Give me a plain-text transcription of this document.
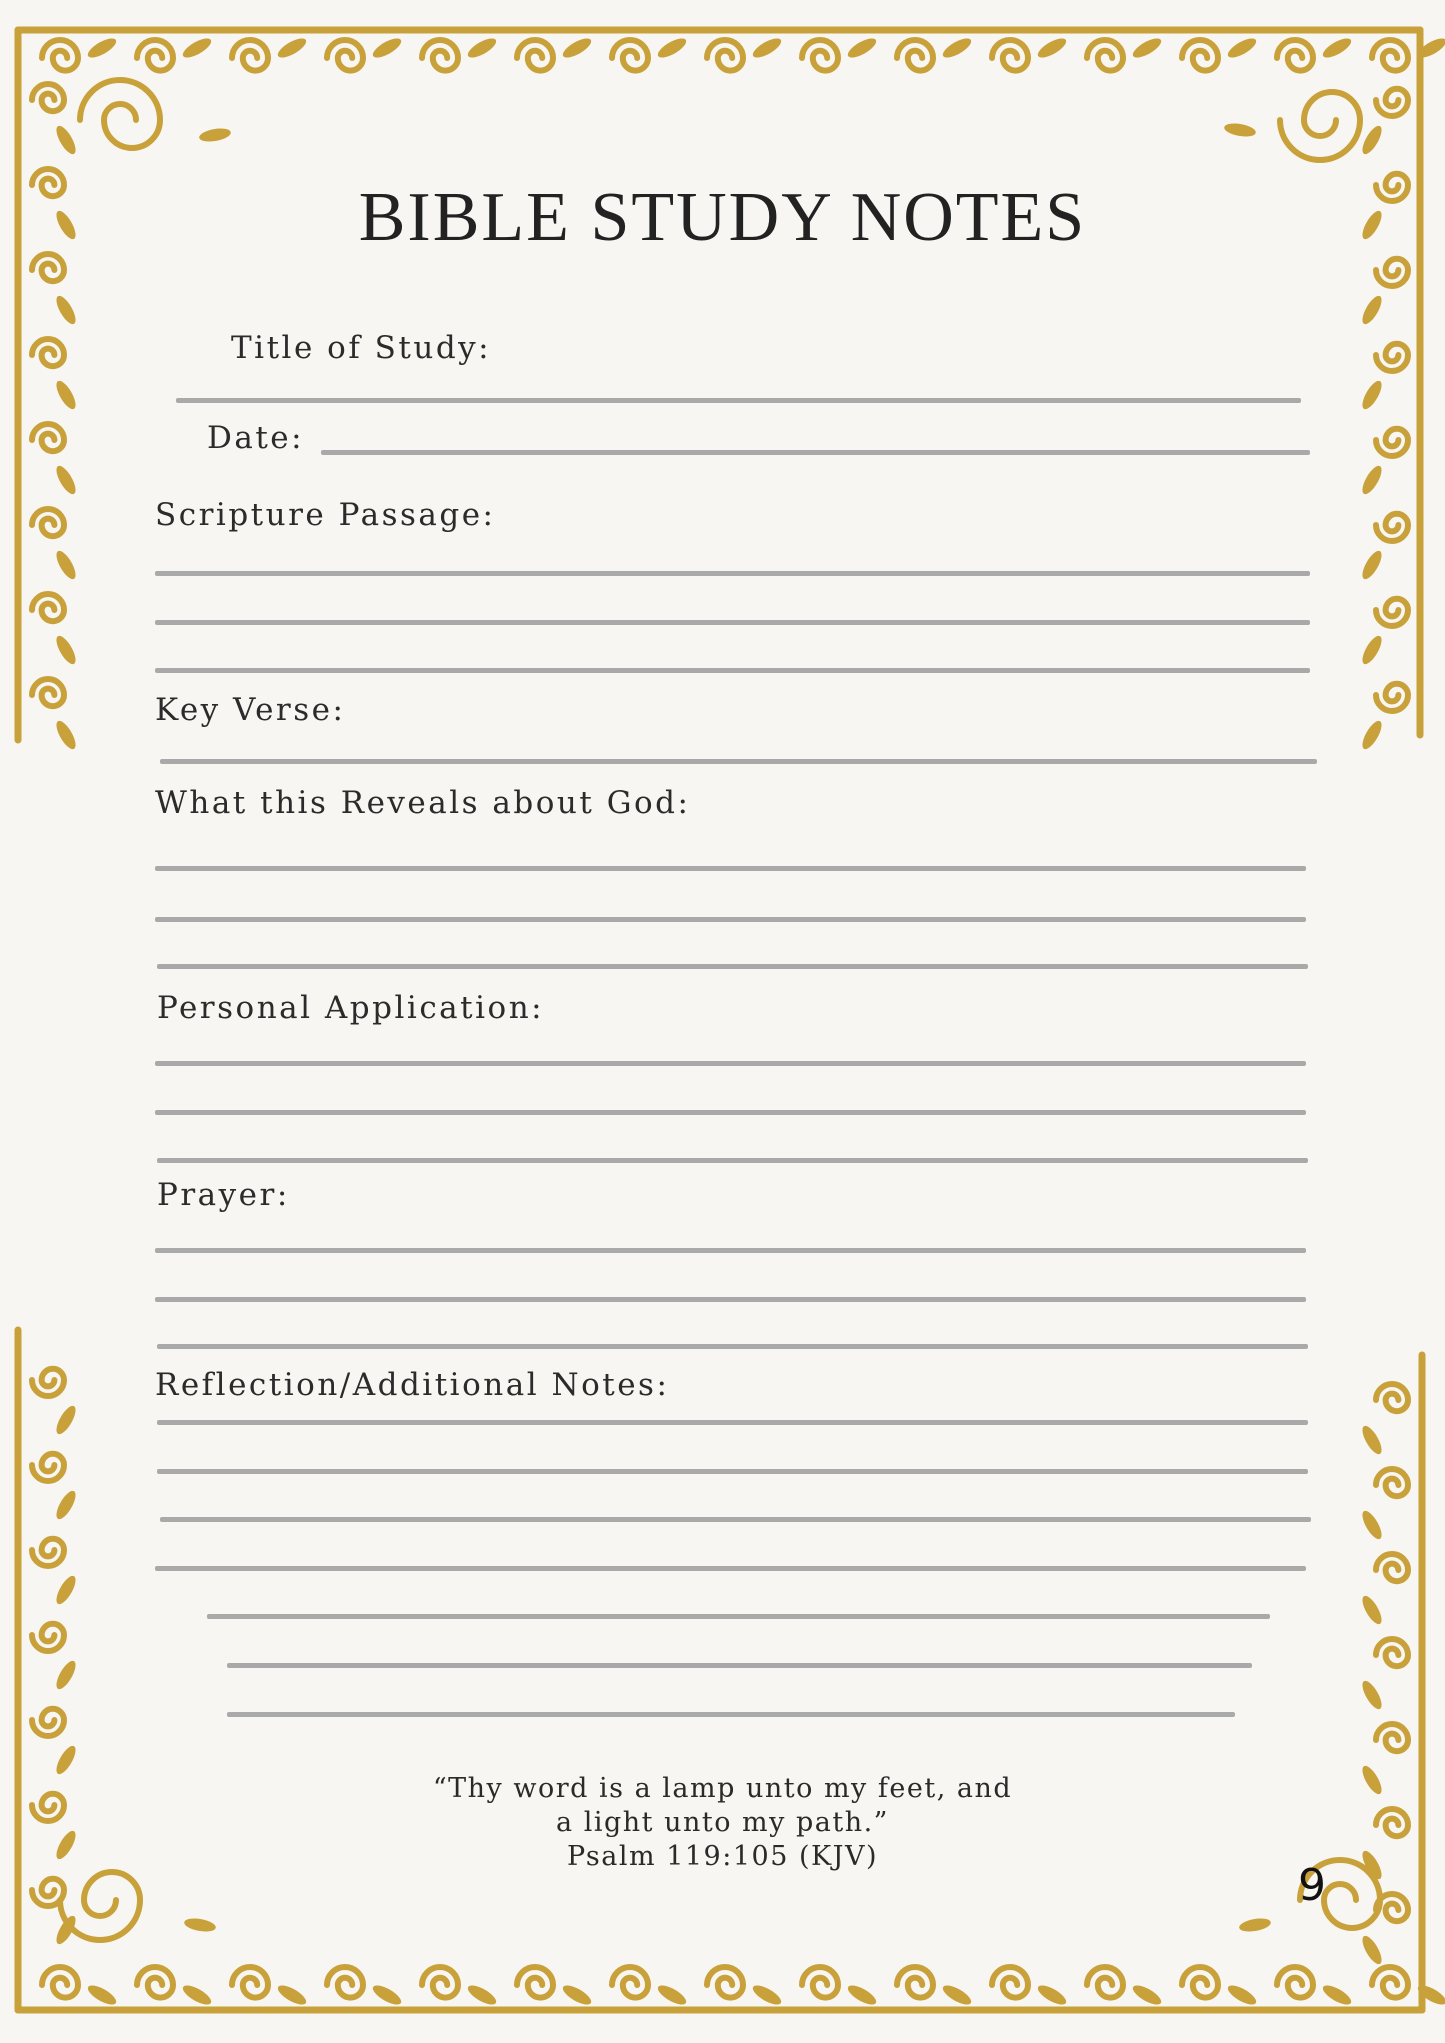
BIBLE STUDY NOTES
Title of Study:
Date:
Scripture Passage:
Key Verse:
What this Reveals about God:
Personal Application:
Prayer:
Reflection/Additional Notes:
“Thy word is a lamp unto my feet, and
a light unto my path.”
Psalm 119:105 (KJV)
9
